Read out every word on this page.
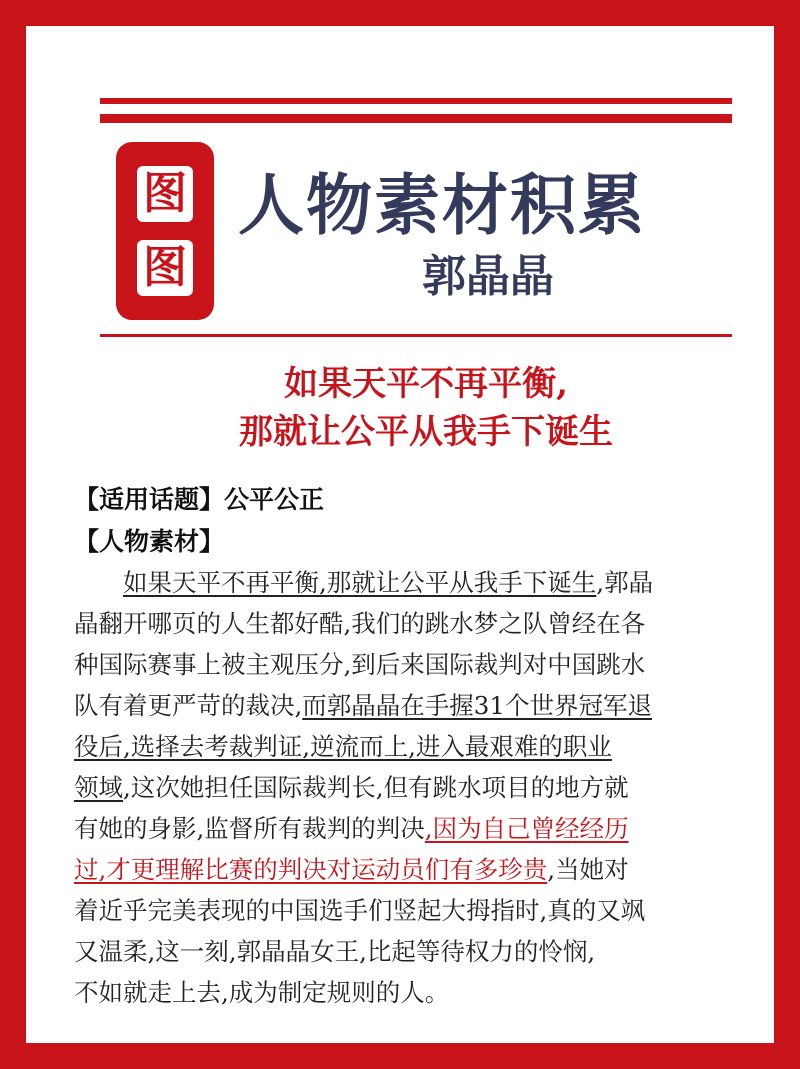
图
图
人物素材积累
郭晶晶
如果天平不再平衡,
那就让公平从我手下诞生
【适用话题】公平公正
【人物素材】
　　如果天平不再平衡,那就让公平从我手下诞生,郭晶
晶翻开哪页的人生都好酷,我们的跳水梦之队曾经在各
种国际赛事上被主观压分,到后来国际裁判对中国跳水
队有着更严苛的裁决,而郭晶晶在手握31个世界冠军退
役后,选择去考裁判证,逆流而上,进入最艰难的职业
领域,这次她担任国际裁判长,但有跳水项目的地方就
有她的身影,监督所有裁判的判决,因为自己曾经经历
过,才更理解比赛的判决对运动员们有多珍贵,当她对
着近乎完美表现的中国选手们竖起大拇指时,真的又飒
又温柔,这一刻,郭晶晶女王,比起等待权力的怜悯,
不如就走上去,成为制定规则的人。
